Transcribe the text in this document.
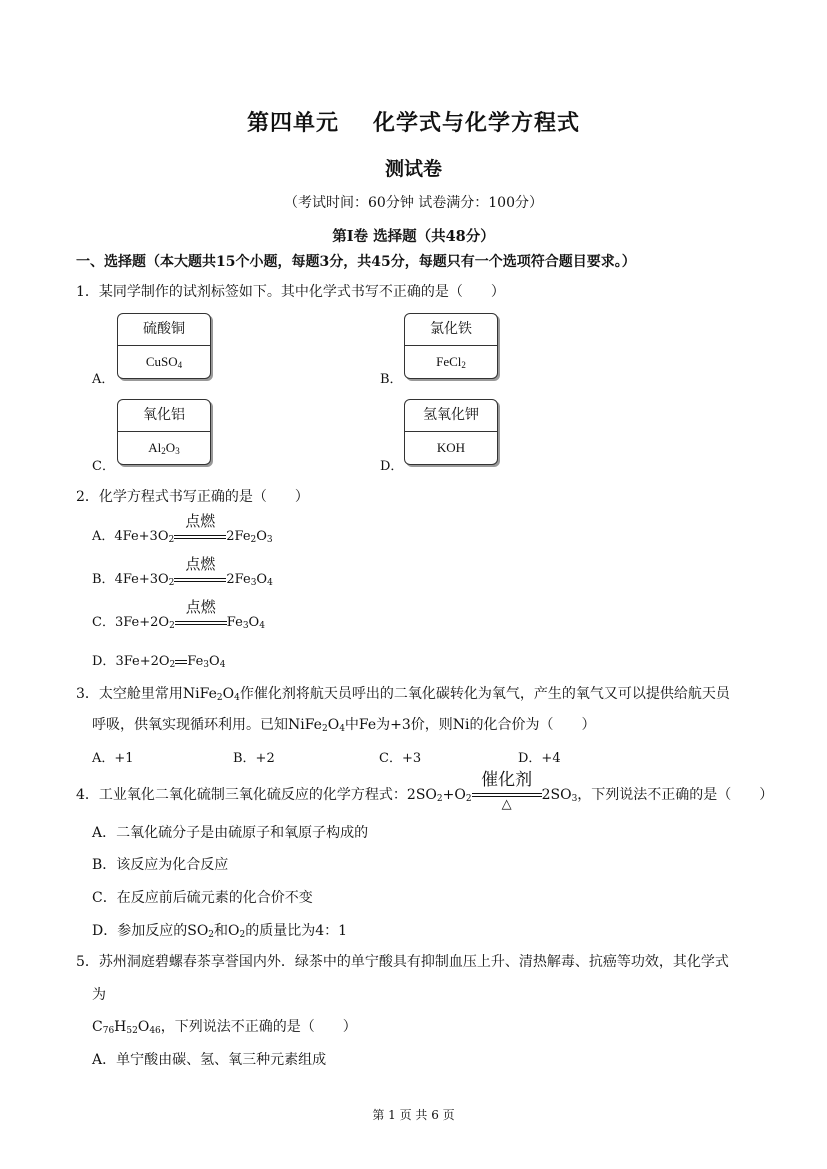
第四单元 化学式与化学方程式
测试卷
（考试时间：60分钟 试卷满分：100分）
第Ⅰ卷 选择题（共48分）
一、选择题（本大题共15个小题，每题3分，共45分，每题只有一个选项符合题目要求。）
1．某同学制作的试剂标签如下。其中化学式书写不正确的是（　　）
A．
硫酸铜
CuSO$_4$
B．
氯化铁
FeCl$_2$
C．
氧化铝
$Al_2O_3$
D．
氢氧化钾
KOH
2．化学方程式书写正确的是（　　）
A．$4Fe+3O_2$
点燃
$2Fe_2O_3$
B．$4Fe+3O_2$
点燃
$2Fe_3O_4$
C．$3Fe+2O_2$
点燃
$Fe_3O_4$
D．$3Fe+2O_2$ $Fe_3O_4$
3．太空舱里常用$NiFe_2O_4$作催化剂将航天员呼出的二氧化碳转化为氧气，产生的氧气又可以提供给航天员
呼吸，供氧实现循环利用。已知$NiFe_2O_4$中Fe为+3价，则Ni的化合价为（　　）
A．+1	B．+2	C．+3	D．+4
4．工业氧化二氧化硫制三氧化硫反应的化学方程式：$2SO_2+O_2$
催化剂
△
$2SO_3$，下列说法不正确的是（　　）
A．二氧化硫分子是由硫原子和氧原子构成的
B．该反应为化合反应
C．在反应前后硫元素的化合价不变
D．参加反应的$SO_2$和$O_2$的质量比为4：1
5．苏州洞庭碧螺春茶享誉国内外．绿茶中的单宁酸具有抑制血压上升、清热解毒、抗癌等功效，其化学式
为
$C_{76}H_{52}O_{46}$，下列说法不正确的是（　　）
A．单宁酸由碳、氢、氧三种元素组成
第 1 页 共 6 页
